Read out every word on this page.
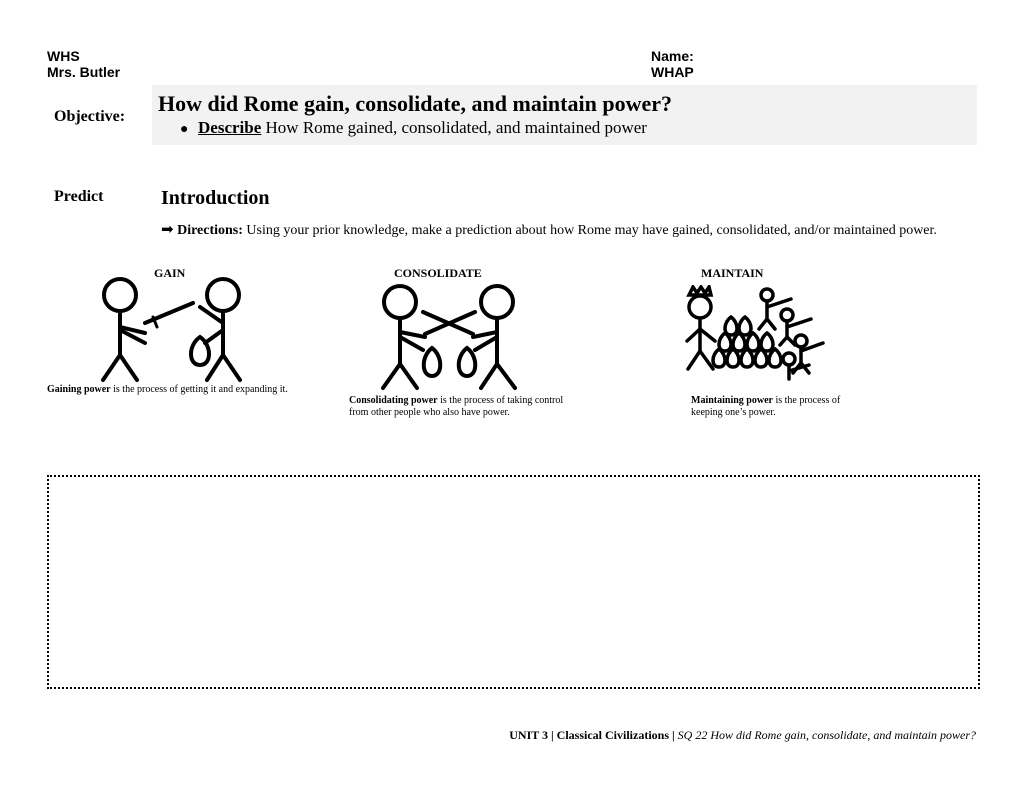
WHS
Mrs. Butler
Name:
WHAP
Objective:
How did Rome gain, consolidate, and maintain power?
● Describe How Rome gained, consolidated, and maintained power
Predict	Introduction
➡ Directions: Using your prior knowledge, make a prediction about how Rome may have gained, consolidated, and/or maintained power.
GAIN	CONSOLIDATE	MAINTAIN
Gaining power is the process of getting it and expanding it.
Consolidating power is the process of taking control from other people who also have power.
Maintaining power is the process of keeping one’s power.
UNIT 3 | Classical Civilizations | SQ 22 How did Rome gain, consolidate, and maintain power?
